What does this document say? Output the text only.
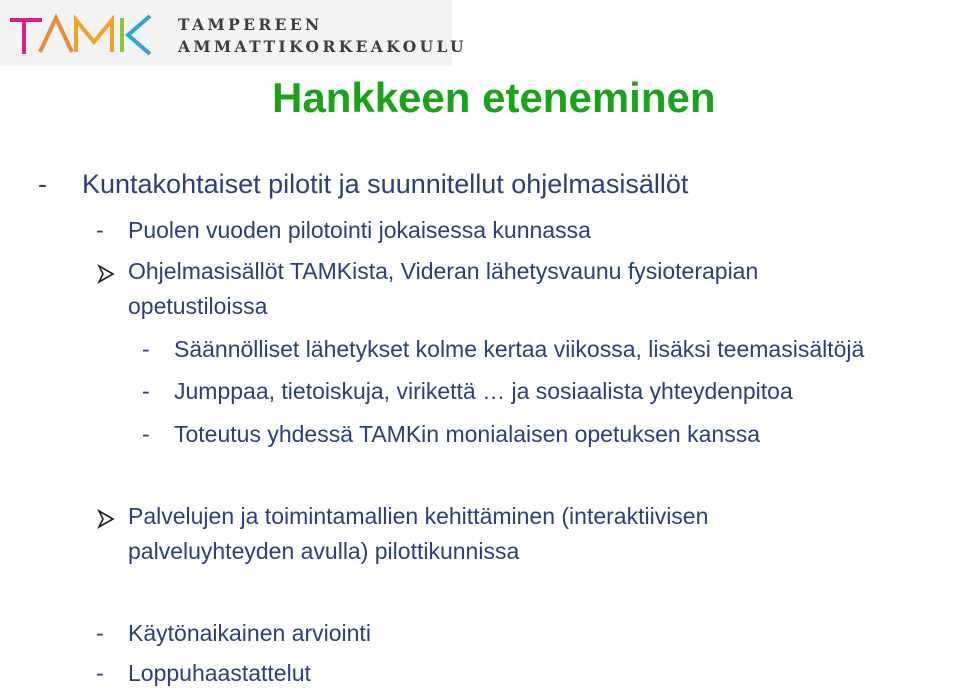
TAMPEREEN
AMMATTIKORKEAKOULU
Hankkeen eteneminen
- Kuntakohtaiset pilotit ja suunnitellut ohjelmasisällöt
- Puolen vuoden pilotointi jokaisessa kunnassa
Ohjelmasisällöt TAMKista, Videran lähetysvaunu fysioterapian
opetustiloissa
- Säännölliset lähetykset kolme kertaa viikossa, lisäksi teemasisältöjä
- Jumppaa, tietoiskuja, virikettä … ja sosiaalista yhteydenpitoa
- Toteutus yhdessä TAMKin monialaisen opetuksen kanssa
Palvelujen ja toimintamallien kehittäminen (interaktiivisen
palveluyhteyden avulla) pilottikunnissa
- Käytönaikainen arviointi
- Loppuhaastattelut
